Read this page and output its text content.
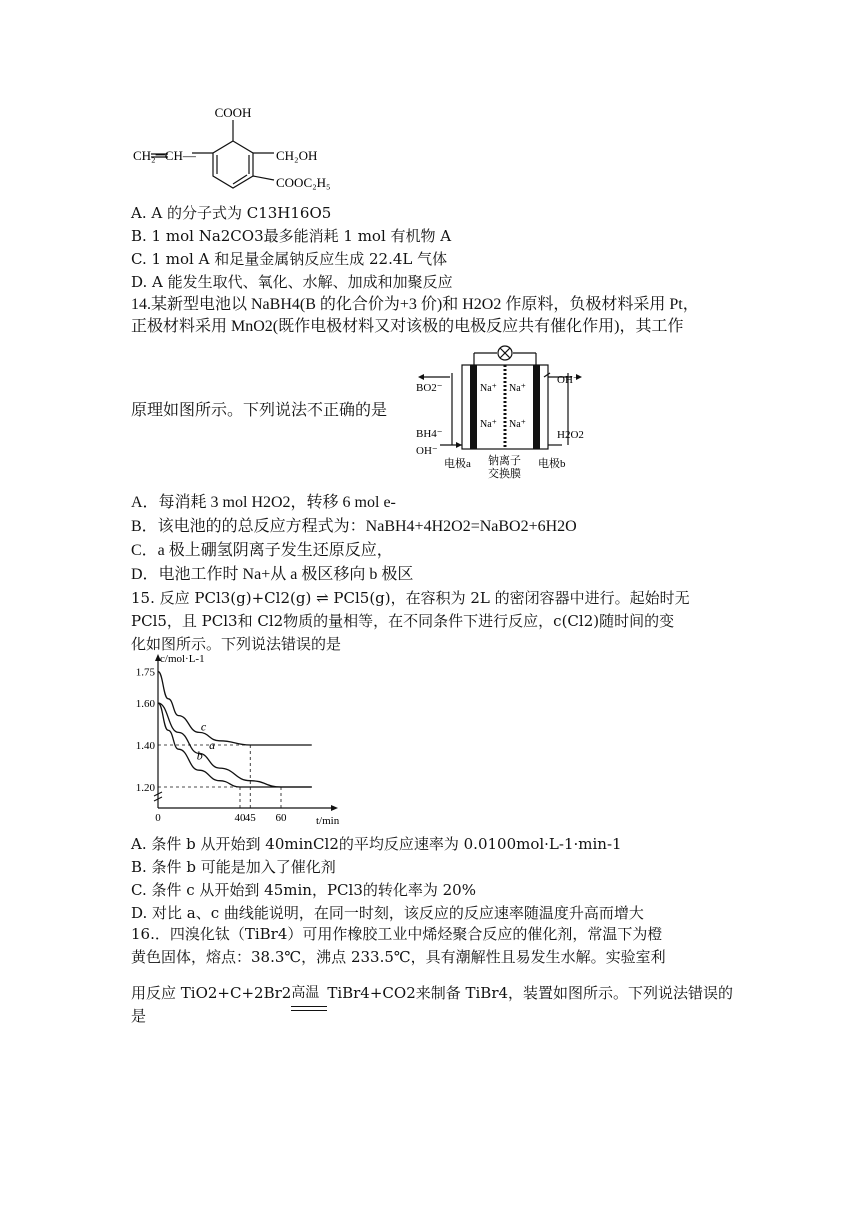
COOH
CH₂═CH—	CH₂OH
COOC₂H₅
A. A 的分子式为 C13H16O5
B. 1 mol Na2CO3最多能消耗 1 mol 有机物 A
C. 1 mol A 和足量金属钠反应生成 22.4L 气体
D. A 能发生取代、氧化、水解、加成和加聚反应
14.某新型电池以 NaBH4(B 的化合价为+3 价)和 H2O2 作原料，负极材料采用 Pt，
正极材料采用 MnO2(既作电极材料又对该极的电极反应共有催化作用)，其工作
原理如图所示。下列说法不正确的是
BO2⁻
BH4⁻
OH⁻
OH⁻
H2O2
Na⁺ Na⁺
Na⁺ Na⁺
电极a 钠离子
交换膜
电极b
A．每消耗 3 mol H2O2，转移 6 mol e-
B．该电池的的总反应方程式为：NaBH4+4H2O2=NaBO2+6H2O
C．a 极上硼氢阴离子发生还原反应，
D．电池工作时 Na+从 a 极区移向 b 极区
15. 反应 PCl3(g)+Cl2(g) ⇌ PCl5(g)，在容积为 2L 的密闭容器中进行。起始时无
PCl5，且 PCl3和 Cl2物质的量相等，在不同条件下进行反应，c(Cl2)随时间的变
化如图所示。下列说法错误的是
c/mol·L-1
t/min
1.20
1.40
1.60
1.75
0	40 45 60
c
a
b
A. 条件 b 从开始到 40minCl2的平均反应速率为 0.0100mol·L-1·min-1
B. 条件 b 可能是加入了催化剂
C. 条件 c 从开始到 45min，PCl3的转化率为 20%
D. 对比 a、c 曲线能说明，在同一时刻，该反应的反应速率随温度升高而增大
16.．四溴化钛（TiBr4）可用作橡胶工业中烯烃聚合反应的催化剂，常温下为橙
黄色固体，熔点：38.3℃，沸点 233.5℃，具有潮解性且易发生水解。实验室利
用反应 TiO2+C+2Br2 高温 TiBr4+CO2来制备 TiBr4，装置如图所示。下列说法错误的
是
